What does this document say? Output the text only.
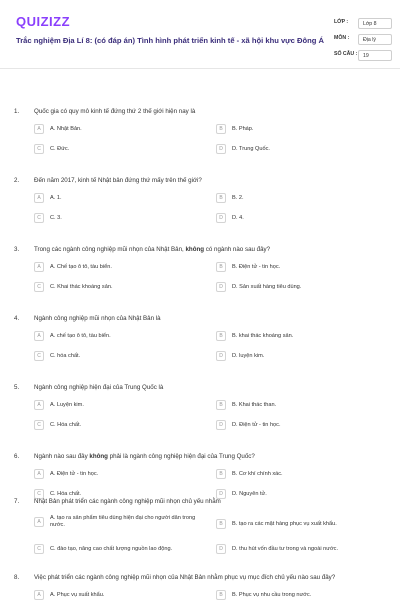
QUIZIZZ
Trắc nghiệm Địa Lí 8: (có đáp án) Tình hình phát triển kinh tế - xã hội khu vực Đông Á
LỚP :	Lớp 8
MÔN :	Địa lý
SỐ CÂU :	19
1. Quốc gia có quy mô kinh tế đứng thứ 2 thế giới hiện nay là
A	A. Nhật Bản.	B	B. Pháp.
C	C. Đức.	D	D. Trung Quốc.
2. Đến năm 2017, kinh tế Nhật bản đứng thứ mấy trên thế giới?
A	A. 1.	B	B. 2.
C	C. 3.	D	D. 4.
3. Trong các ngành công nghiệp mũi nhọn của Nhật Bản, không có ngành nào sau đây?
A	A. Chế tạo ô tô, tàu biển.	B	B. Điện tử - tin học.
C	C. Khai thác khoáng sản.	D	D. Sản xuất hàng tiêu dùng.
4. Ngành công nghiệp mũi nhọn của Nhật Bản là
A	A. chế tạo ô tô, tàu biển.	B	B. khai thác khoáng sản.
C	C. hóa chất.	D	D. luyện kim.
5. Ngành công nghiệp hiện đại của Trung Quốc là
A	A. Luyện kim.	B	B. Khai thác than.
C	C. Hóa chất.	D	D. Điện tử - tin học.
6. Ngành nào sau đây không phải là ngành công nghiệp hiện đại của Trung Quốc?
A	A. Điện tử - tin học.	B	B. Cơ khí chính xác.
C	C. Hóa chất.	D	D. Nguyên tử.
7. Nhật Bản phát triển các ngành công nghiệp mũi nhọn chủ yếu nhằm
A
A. tạo ra sản phẩm tiêu dùng hiện đại cho người dân trong nước.	B	B. tạo ra các mặt hàng phục vụ xuất khẩu.
C	C. đào tạo, nâng cao chất lượng nguồn lao động.	D	D. thu hút vốn đầu tư trong và ngoài nước.
8. Việc phát triển các ngành công nghiệp mũi nhọn của Nhật Bản nhằm phục vụ mục đích chủ yếu nào sau đây?
A	A. Phục vụ xuất khẩu.	B	B. Phục vụ nhu cầu trong nước.
